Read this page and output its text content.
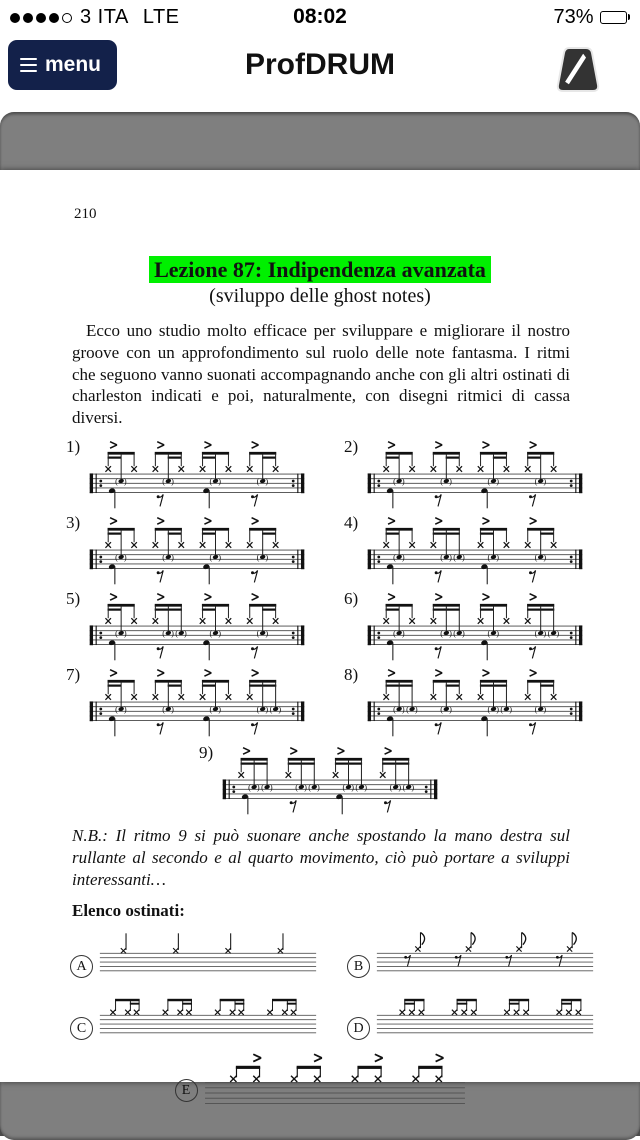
3 ITA LTE	08:02	73%
menu	ProfDRUM
210
Lezione 87: Indipendenza avanzata
(sviluppo delle ghost notes)

Ecco uno studio molto efficace per sviluppare e migliorare il nostro groove con un approfondimento sul ruolo delle note fantasma. I ritmi che seguono vanno suonati accompagnando anche con gli altri ostinati di charleston indicati e poi, naturalmente, con disegni ritmici di cassa diversi.

1)
( )	( )	( )	( )
2)
( )	( )	( )	( )
3)
( )	( )	( )	( )
4)
( )	( ) ( )	( )	( )
5)
( )	( ) ( )	( )	( )
6)
( )	( ) ( )	( )	( ) ( )
7)
( )	( )	( )	( ) ( )
8)
( ) ( )	( )	( ) ( )	( )
9)
( ) ( )	( ) ( )	( ) ( )	( ) ( )

N.B.: Il ritmo 9 si può suonare anche spostando la mano destra sul rullante al secondo e al quarto movimento, ciò può portare a sviluppi interessanti…

Elenco ostinati:
A	B
C	D
E
